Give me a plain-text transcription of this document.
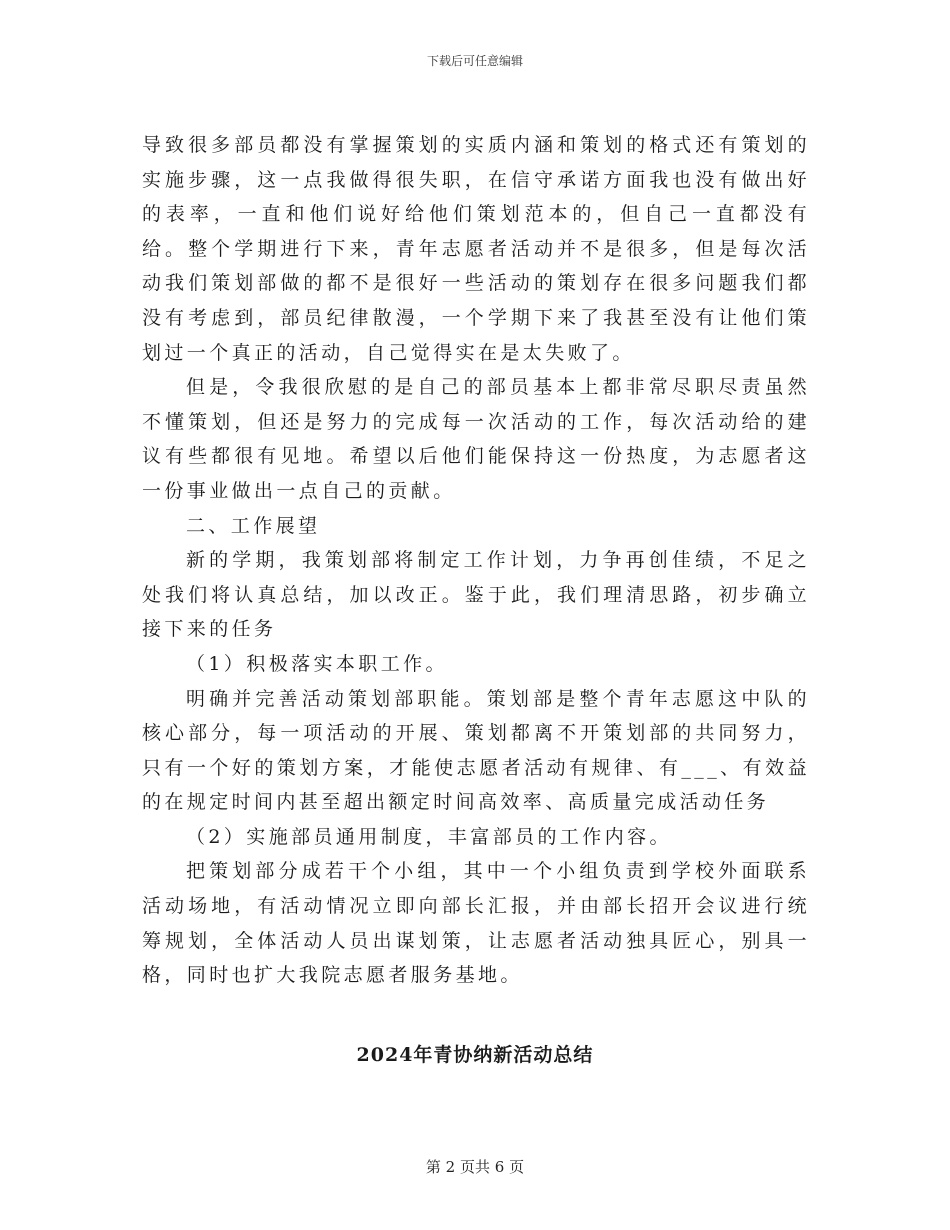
下载后可任意编辑

导致很多部员都没有掌握策划的实质内涵和策划的格式还有策划的实施步骤，这一点我做得很失职，在信守承诺方面我也没有做出好的表率，一直和他们说好给他们策划范本的，但自己一直都没有给。整个学期进行下来，青年志愿者活动并不是很多，但是每次活动我们策划部做的都不是很好一些活动的策划存在很多问题我们都没有考虑到，部员纪律散漫，一个学期下来了我甚至没有让他们策划过一个真正的活动，自己觉得实在是太失败了。

但是，令我很欣慰的是自己的部员基本上都非常尽职尽责虽然不懂策划，但还是努力的完成每一次活动的工作，每次活动给的建议有些都很有见地。希望以后他们能保持这一份热度，为志愿者这一份事业做出一点自己的贡献。

二、工作展望

新的学期，我策划部将制定工作计划，力争再创佳绩，不足之处我们将认真总结，加以改正。鉴于此，我们理清思路，初步确立接下来的任务

（1）积极落实本职工作。

明确并完善活动策划部职能。策划部是整个青年志愿这中队的核心部分，每一项活动的开展、策划都离不开策划部的共同努力，只有一个好的策划方案，才能使志愿者活动有规律、有___、有效益的在规定时间内甚至超出额定时间高效率、高质量完成活动任务

（2）实施部员通用制度，丰富部员的工作内容。

把策划部分成若干个小组，其中一个小组负责到学校外面联系活动场地，有活动情况立即向部长汇报，并由部长招开会议进行统筹规划，全体活动人员出谋划策，让志愿者活动独具匠心，别具一格，同时也扩大我院志愿者服务基地。

2024年青协纳新活动总结
第 2 页共 6 页
